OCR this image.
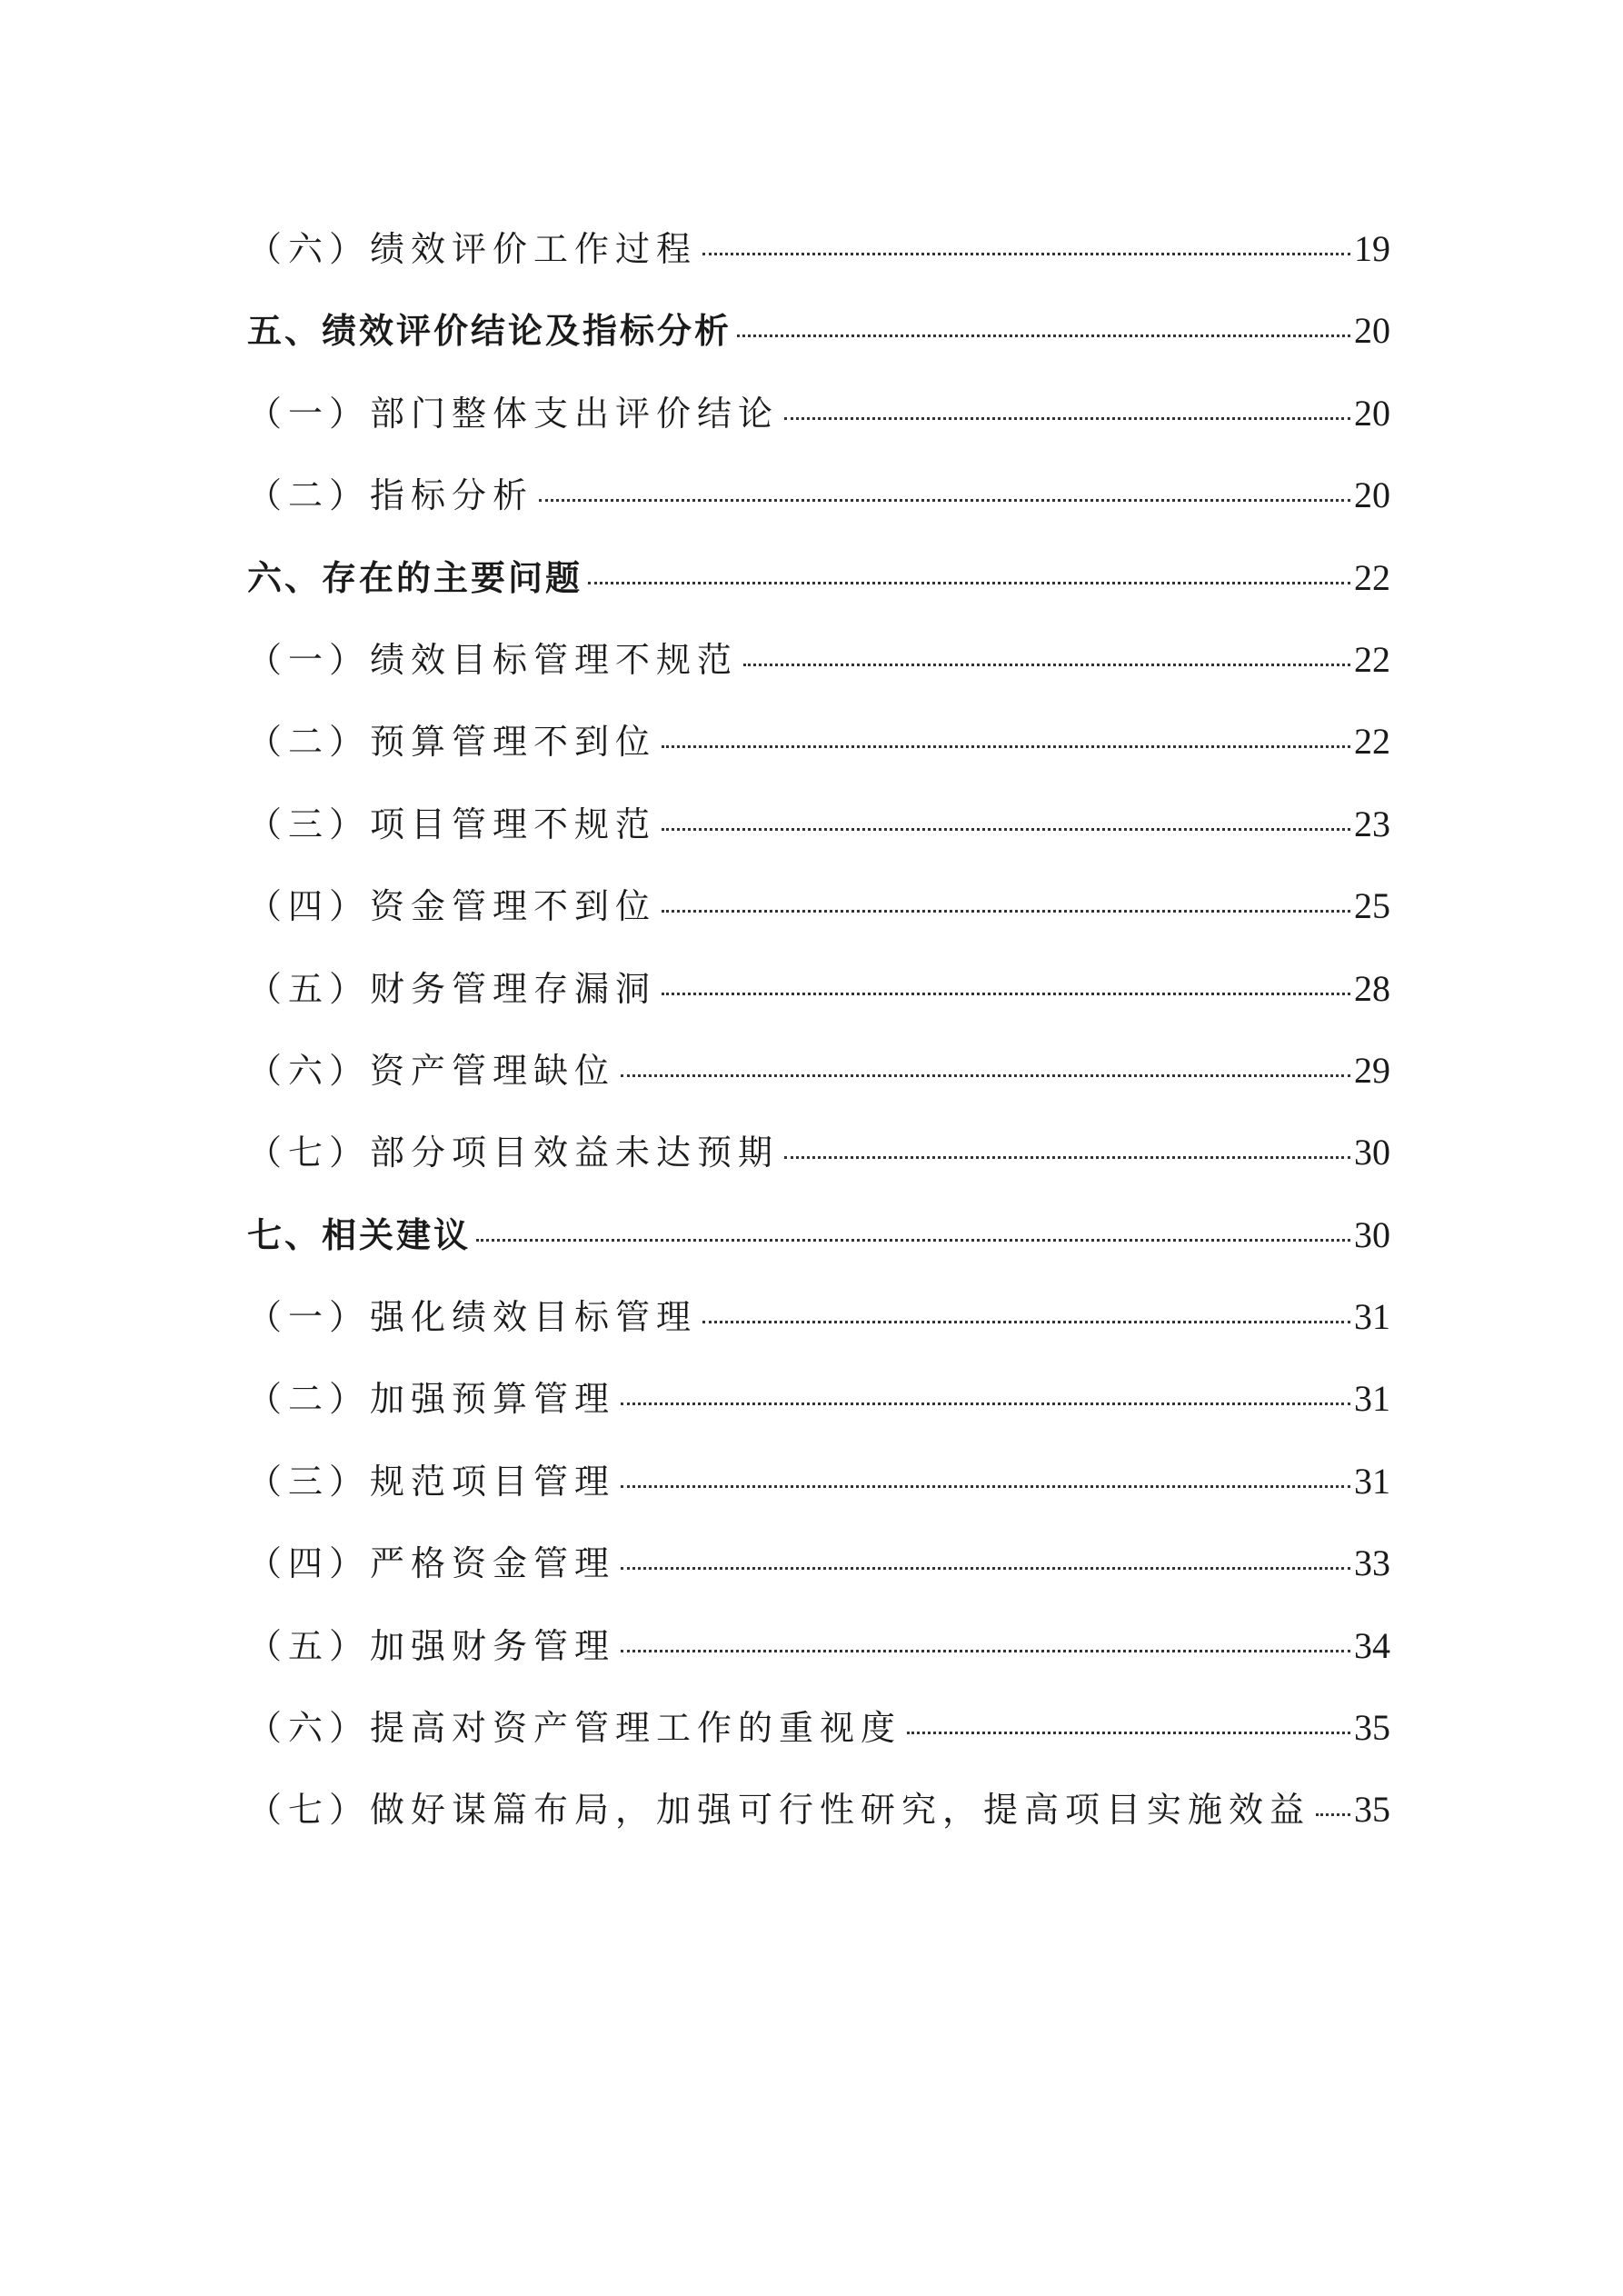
（六）绩效评价工作过程	19
五、绩效评价结论及指标分析	20
（一）部门整体支出评价结论	20
（二）指标分析	20
六、存在的主要问题	22
（一）绩效目标管理不规范	22
（二）预算管理不到位	22
（三）项目管理不规范	23
（四）资金管理不到位	25
（五）财务管理存漏洞	28
（六）资产管理缺位	29
（七）部分项目效益未达预期	30
七、相关建议	30
（一）强化绩效目标管理	31
（二）加强预算管理	31
（三）规范项目管理	31
（四）严格资金管理	33
（五）加强财务管理	34
（六）提高对资产管理工作的重视度	35
（七）做好谋篇布局，加强可行性研究，提高项目实施效益 35
